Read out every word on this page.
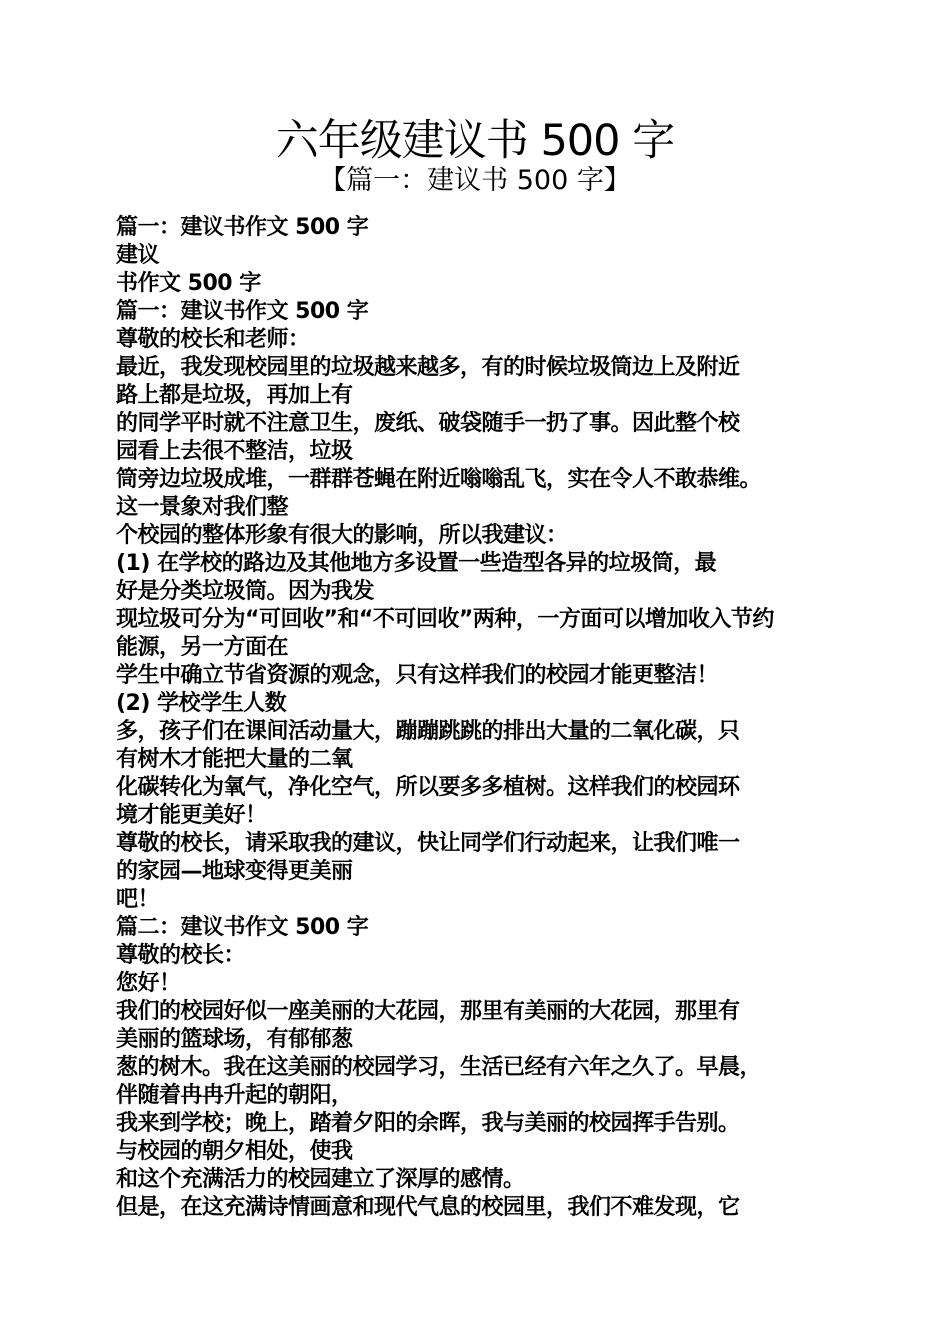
六年级建议书 500 字
【篇一：建议书 500 字】
篇一：建议书作文 500 字
建议
书作文 500 字
篇一：建议书作文 500 字
尊敬的校长和老师：
最近，我发现校园里的垃圾越来越多，有的时候垃圾筒边上及附近
路上都是垃圾，再加上有
的同学平时就不注意卫生，废纸、破袋随手一扔了事。因此整个校
园看上去很不整洁，垃圾
筒旁边垃圾成堆，一群群苍蝇在附近嗡嗡乱飞，实在令人不敢恭维。
这一景象对我们整
个校园的整体形象有很大的影响，所以我建议：
(1) 在学校的路边及其他地方多设置一些造型各异的垃圾筒，最
好是分类垃圾筒。因为我发
现垃圾可分为“可回收”和“不可回收”两种，一方面可以增加收入节约
能源，另一方面在
学生中确立节省资源的观念，只有这样我们的校园才能更整洁！
(2) 学校学生人数
多，孩子们在课间活动量大，蹦蹦跳跳的排出大量的二氧化碳，只
有树木才能把大量的二氧
化碳转化为氧气，净化空气，所以要多多植树。这样我们的校园环
境才能更美好！
尊敬的校长，请采取我的建议，快让同学们行动起来，让我们唯一
的家园—地球变得更美丽
吧！
篇二：建议书作文 500 字
尊敬的校长：
您好！
我们的校园好似一座美丽的大花园，那里有美丽的大花园，那里有
美丽的篮球场，有郁郁葱
葱的树木。我在这美丽的校园学习，生活已经有六年之久了。早晨，
伴随着冉冉升起的朝阳，
我来到学校；晚上，踏着夕阳的余晖，我与美丽的校园挥手告别。
与校园的朝夕相处，使我
和这个充满活力的校园建立了深厚的感情。
但是，在这充满诗情画意和现代气息的校园里，我们不难发现，它
